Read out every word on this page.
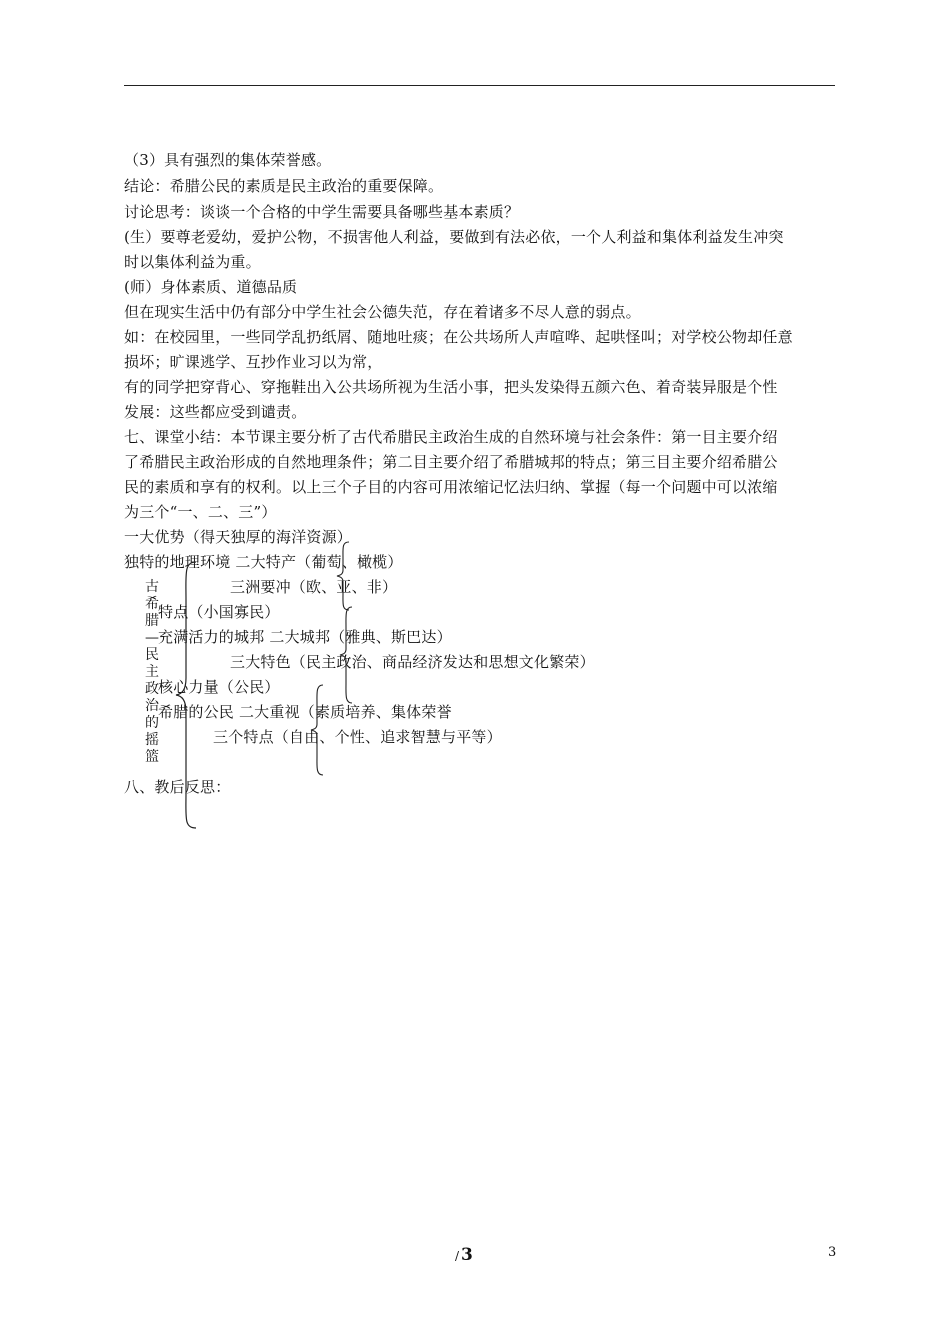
（3）具有强烈的集体荣誉感。
结论：希腊公民的素质是民主政治的重要保障。
讨论思考：谈谈一个合格的中学生需要具备哪些基本素质？
(生）要尊老爱幼，爱护公物，不损害他人利益，要做到有法必依，一个人利益和集体利益发生冲突
时以集体利益为重。
(师）身体素质、道德品质
但在现实生活中仍有部分中学生社会公德失范，存在着诸多不尽人意的弱点。
如：在校园里，一些同学乱扔纸屑、随地吐痰；在公共场所人声喧哗、起哄怪叫；对学校公物却任意
损坏；旷课逃学、互抄作业习以为常，
有的同学把穿背心、穿拖鞋出入公共场所视为生活小事，把头发染得五颜六色、着奇装异服是个性
发展：这些都应受到谴责。
七、课堂小结：本节课主要分析了古代希腊民主政治生成的自然环境与社会条件：第一目主要介绍
了希腊民主政治形成的自然地理条件；第二目主要介绍了希腊城邦的特点；第三目主要介绍希腊公
民的素质和享有的权利。以上三个子目的内容可用浓缩记忆法归纳、掌握（每一个问题中可以浓缩
为三个“一、二、三”）
一大优势（得天独厚的海洋资源）
独特的地理环境 二大特产（葡萄、橄榄）
三洲要冲（欧、亚、非）
特点（小国寡民）
充满活力的城邦 二大城邦（雅典、斯巴达）
三大特色（民主政治、商品经济发达和思想文化繁荣）
核心力量（公民）
希腊的公民 二大重视（素质培养、集体荣誉
三个特点（自由、个性、追求智慧与平等）
古希腊—民主政治的摇篮
八、教后反思：
/ 3	3
